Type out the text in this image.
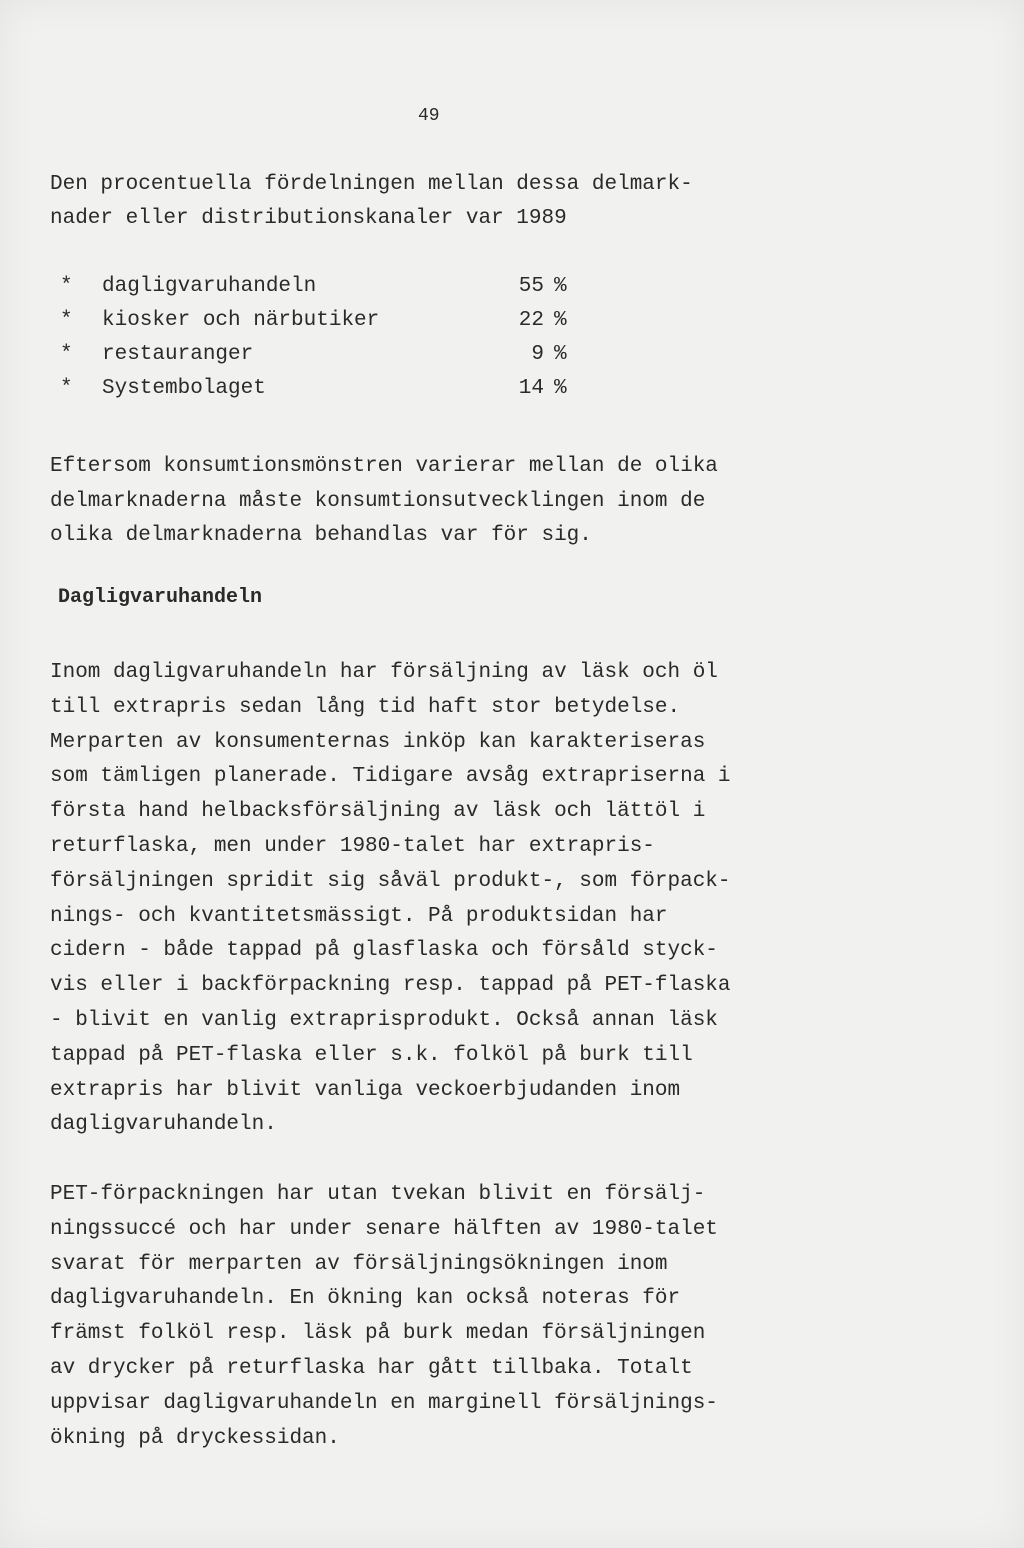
49

Den procentuella fördelningen mellan dessa delmark-
nader eller distributionskanaler var 1989

* dagligvaruhandeln	55 %
* kiosker och närbutiker	22 %
* restauranger	9 %
* Systembolaget	14 %

Eftersom konsumtionsmönstren varierar mellan de olika
delmarknaderna måste konsumtionsutvecklingen inom de
olika delmarknaderna behandlas var för sig.

Dagligvaruhandeln

Inom dagligvaruhandeln har försäljning av läsk och öl
till extrapris sedan lång tid haft stor betydelse.
Merparten av konsumenternas inköp kan karakteriseras
som tämligen planerade. Tidigare avsåg extrapriserna i
första hand helbacksförsäljning av läsk och lättöl i
returflaska, men under 1980-talet har extrapris-
försäljningen spridit sig såväl produkt-, som förpack-
nings- och kvantitetsmässigt. På produktsidan har
cidern - både tappad på glasflaska och försåld styck-
vis eller i backförpackning resp. tappad på PET-flaska
- blivit en vanlig extraprisprodukt. Också annan läsk
tappad på PET-flaska eller s.k. folköl på burk till
extrapris har blivit vanliga veckoerbjudanden inom
dagligvaruhandeln.

PET-förpackningen har utan tvekan blivit en försälj-
ningssuccé och har under senare hälften av 1980-talet
svarat för merparten av försäljningsökningen inom
dagligvaruhandeln. En ökning kan också noteras för
främst folköl resp. läsk på burk medan försäljningen
av drycker på returflaska har gått tillbaka. Totalt
uppvisar dagligvaruhandeln en marginell försäljnings-
ökning på dryckessidan.
